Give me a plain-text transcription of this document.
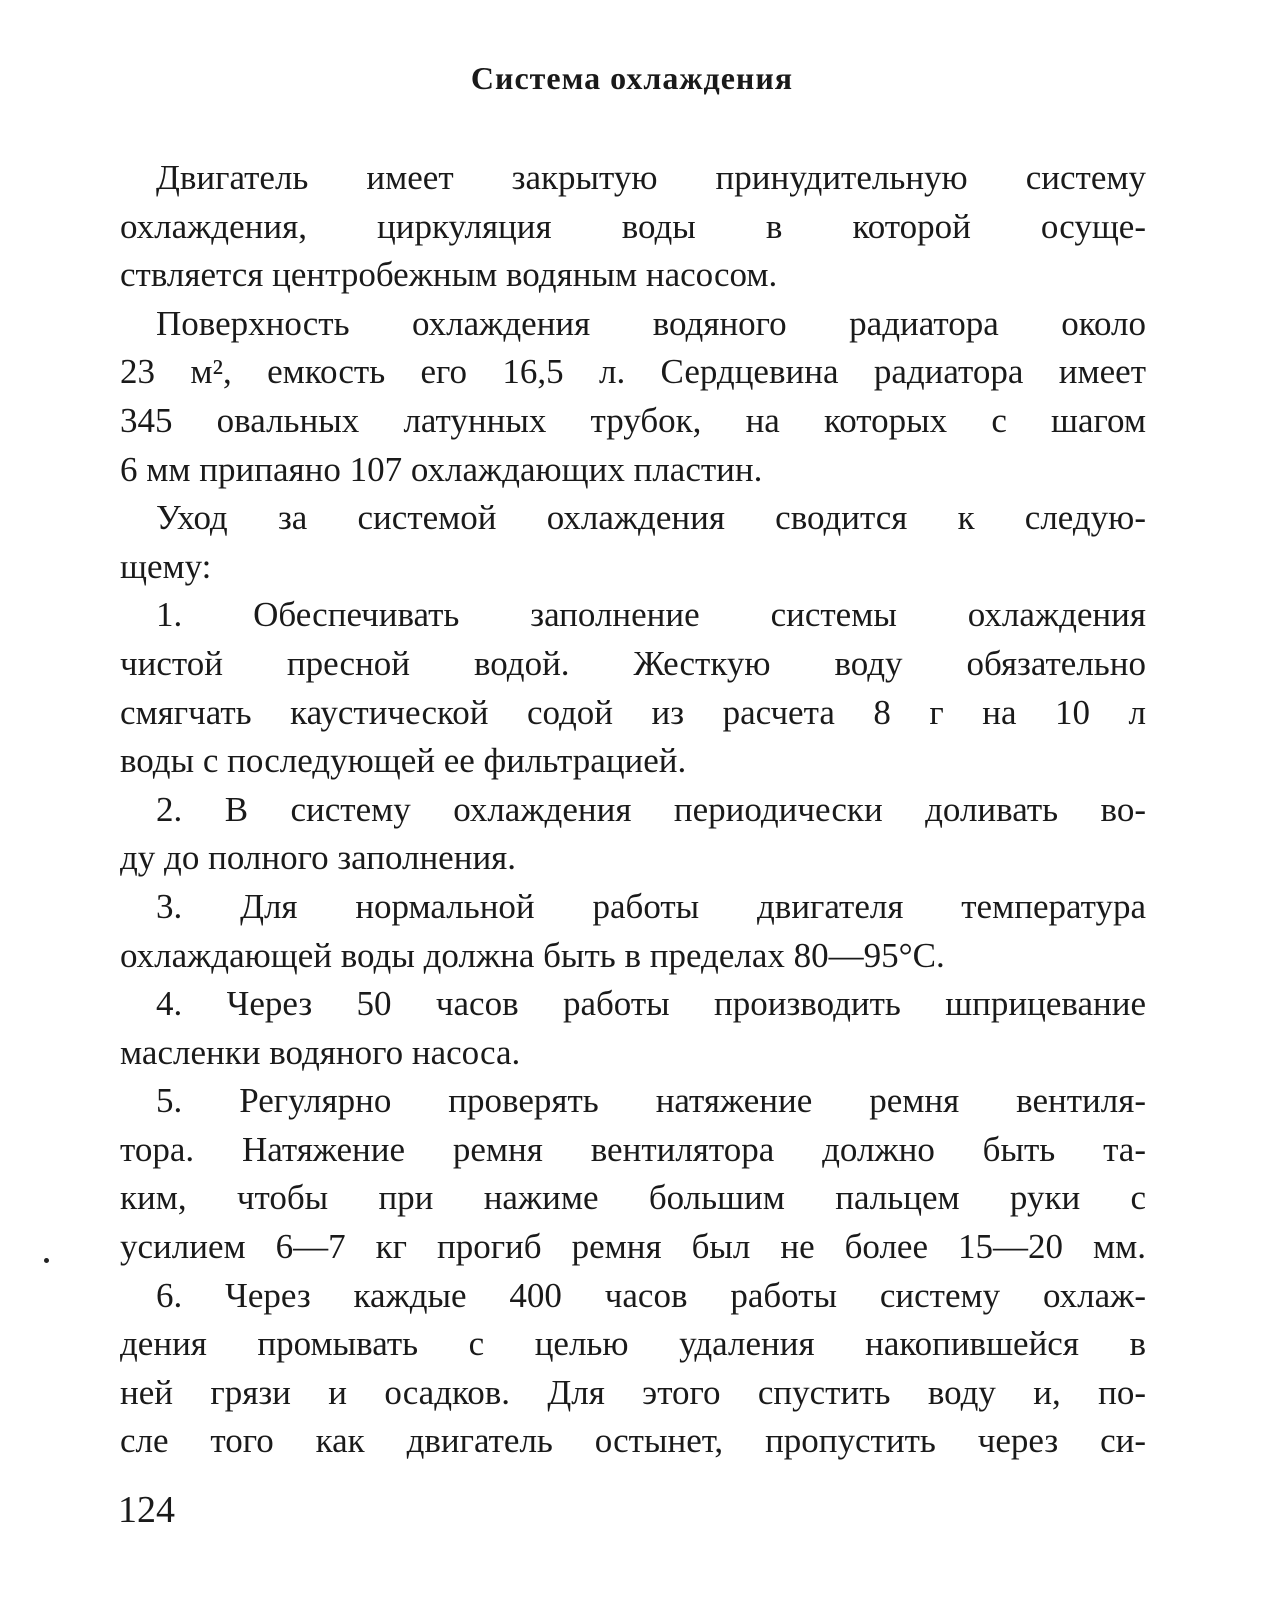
Система охлаждения
Двигатель имеет закрытую принудительную систему
охлаждения, циркуляция воды в которой осуще-
ствляется центробежным водяным насосом.
Поверхность охлаждения водяного радиатора около
23 м², емкость его 16,5 л. Сердцевина радиатора имеет
345 овальных латунных трубок, на которых с шагом
6 мм припаяно 107 охлаждающих пластин.
Уход за системой охлаждения сводится к следую-
щему:
1. Обеспечивать заполнение системы охлаждения
чистой пресной водой. Жесткую воду обязательно
смягчать каустической содой из расчета 8 г на 10 л
воды с последующей ее фильтрацией.
2. В систему охлаждения периодически доливать во-
ду до полного заполнения.
3. Для нормальной работы двигателя температура
охлаждающей воды должна быть в пределах 80—95°С.
4. Через 50 часов работы производить шприцевание
масленки водяного насоса.
5. Регулярно проверять натяжение ремня вентиля-
тора. Натяжение ремня вентилятора должно быть та-
ким, чтобы при нажиме большим пальцем руки с
усилием 6—7 кг прогиб ремня был не более 15—20 мм.
6. Через каждые 400 часов работы систему охлаж-
дения промывать с целью удаления накопившейся в
ней грязи и осадков. Для этого спустить воду и, по-
сле того как двигатель остынет, пропустить через си-
124
